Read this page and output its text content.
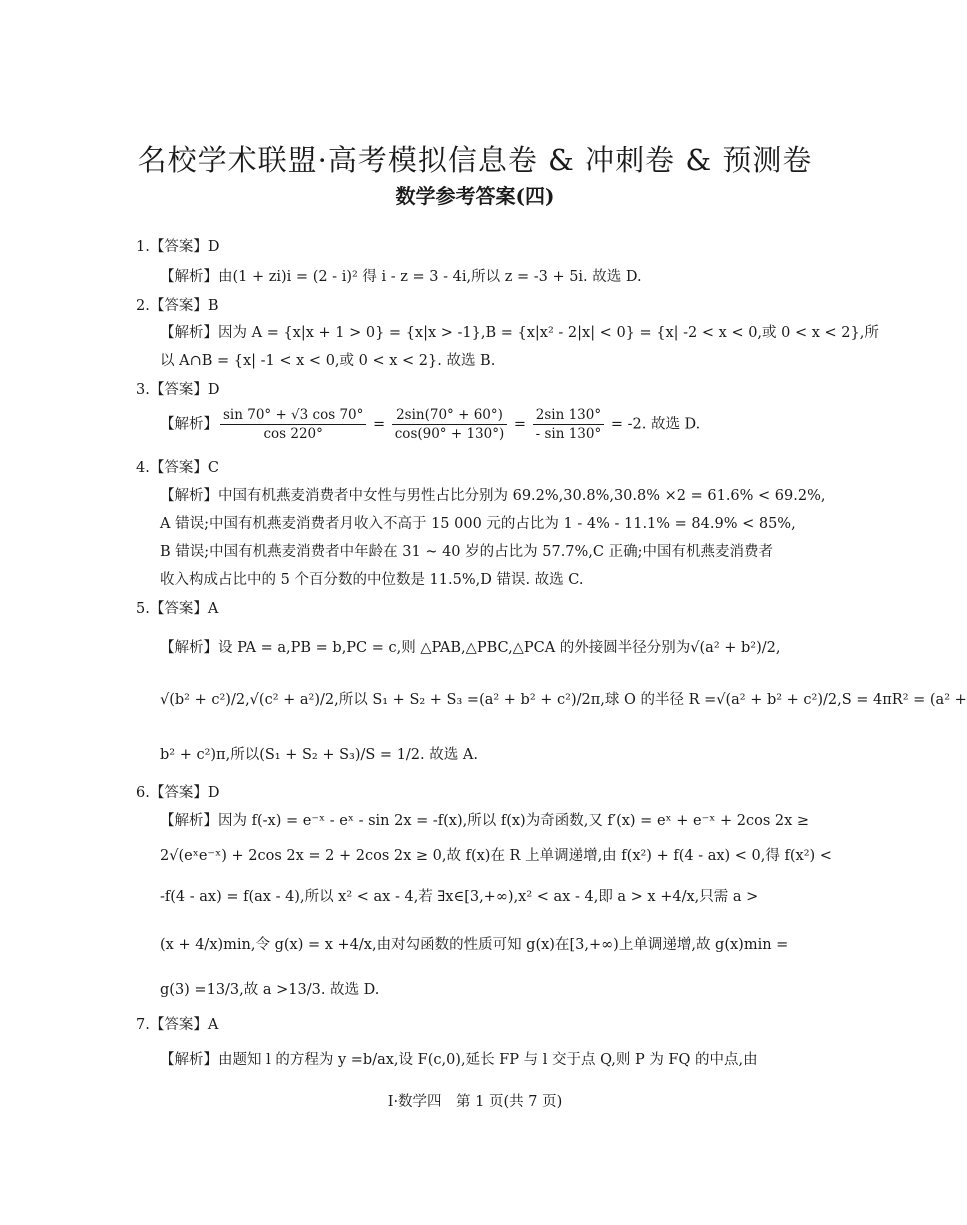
名校学术联盟·高考模拟信息卷 & 冲刺卷 & 预测卷
数学参考答案(四)
1.【答案】D
【解析】由(1 + zi)i = (2 - i)² 得 i - z = 3 - 4i,所以 z = -3 + 5i. 故选 D.
2.【答案】B
【解析】因为 A = {x|x + 1 > 0} = {x|x > -1},B = {x|x² - 2|x| < 0} = {x| -2 < x < 0,或 0 < x < 2},所
以 A∩B = {x| -1 < x < 0,或 0 < x < 2}. 故选 B.
3.【答案】D
【解析】 $\frac{\sin 70^\circ + √3 \cos 70^\circ}{\cos 220^\circ} = \frac{2\sin(70^\circ + 60^\circ)}{\cos(90^\circ + 130^\circ)} = \frac{2\sin 130^\circ}{- \sin 130^\circ} = -2$. 故选 D.
4.【答案】C
【解析】中国有机燕麦消费者中女性与男性占比分别为 69.2%,30.8%,30.8% ×2 = 61.6% < 69.2%,
A 错误;中国有机燕麦消费者月收入不高于 15 000 元的占比为 1 - 4% - 11.1% = 84.9% < 85%,
B 错误;中国有机燕麦消费者中年龄在 31 ~ 40 岁的占比为 57.7%,C 正确;中国有机燕麦消费者
收入构成占比中的 5 个百分数的中位数是 11.5%,D 错误. 故选 C.
5.【答案】A
【解析】设 PA = a,PB = b,PC = c,则 △PAB,△PBC,△PCA 的外接圆半径分别为√(a² + b²)/2,
√(b² + c²)/2,√(c² + a²)/2,所以 S₁ + S₂ + S₃ =(a² + b² + c²)/2π,球 O 的半径 R =√(a² + b² + c²)/2,S = 4πR² = (a² +
b² + c²)π,所以(S₁ + S₂ + S₃)/S = 1/2. 故选 A.
6.【答案】D
【解析】因为 f(-x) = e⁻ˣ - eˣ - sin 2x = -f(x),所以 f(x)为奇函数,又 f′(x) = eˣ + e⁻ˣ + 2cos 2x ≥
2√(eˣe⁻ˣ) + 2cos 2x = 2 + 2cos 2x ≥ 0,故 f(x)在 R 上单调递增,由 f(x²) + f(4 - ax) < 0,得 f(x²) <
-f(4 - ax) = f(ax - 4),所以 x² < ax - 4,若 ∃x∈[3,+∞),x² < ax - 4,即 a > x +4/x,只需 a >
(x + 4/x)min,令 g(x) = x +4/x,由对勾函数的性质可知 g(x)在[3,+∞)上单调递增,故 g(x)min =
g(3) =13/3,故 a >13/3. 故选 D.
7.【答案】A
【解析】由题知 l 的方程为 y =b/ax,设 F(c,0),延长 FP 与 l 交于点 Q,则 P 为 FQ 的中点,由
Ⅰ·数学四　第 1 页(共 7 页)
